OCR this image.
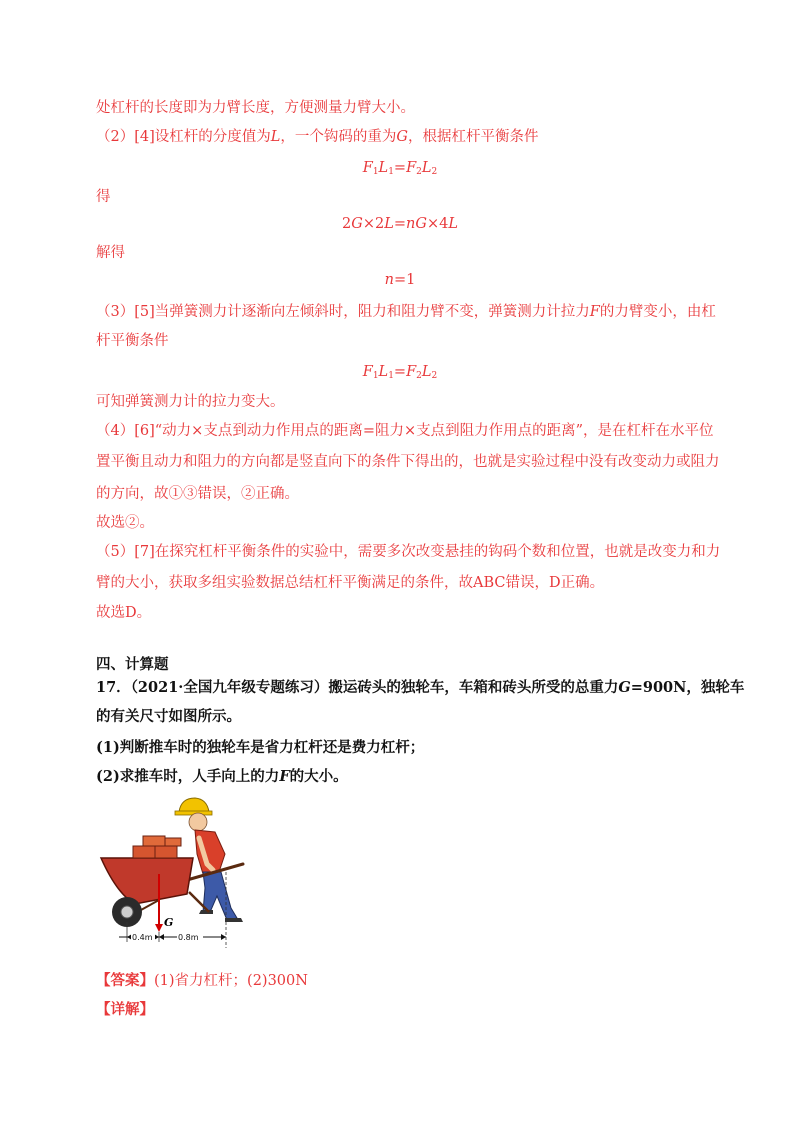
处杠杆的长度即为力臂长度，方便测量力臂大小。
（2）[4]设杠杆的分度值为L，一个钩码的重为G，根据杠杆平衡条件
$F_1L_1=F_2L_2$
得
2G×2L=nG×4L
解得
n=1
（3）[5]当弹簧测力计逐渐向左倾斜时，阻力和阻力臂不变，弹簧测力计拉力F的力臂变小，由杠
杆平衡条件
$F_1L_1=F_2L_2$
可知弹簧测力计的拉力变大。
（4）[6]“动力×支点到动力作用点的距离=阻力×支点到阻力作用点的距离”，是在杠杆在水平位
置平衡且动力和阻力的方向都是竖直向下的条件下得出的，也就是实验过程中没有改变动力或阻力
的方向，故①③错误，②正确。
故选②。
（5）[7]在探究杠杆平衡条件的实验中，需要多次改变悬挂的钩码个数和位置，也就是改变力和力
臂的大小，获取多组实验数据总结杠杆平衡满足的条件，故ABC错误，D正确。
故选D。
四、计算题
17．（2021·全国九年级专题练习）搬运砖头的独轮车，车箱和砖头所受的总重力G=900N，独轮车
的有关尺寸如图所示。
(1)判断推车时的独轮车是省力杠杆还是费力杠杆；
(2)求推车时，人手向上的力F的大小。
G
0.4m	0.8m
【答案】(1)省力杠杆；(2)300N
【详解】
